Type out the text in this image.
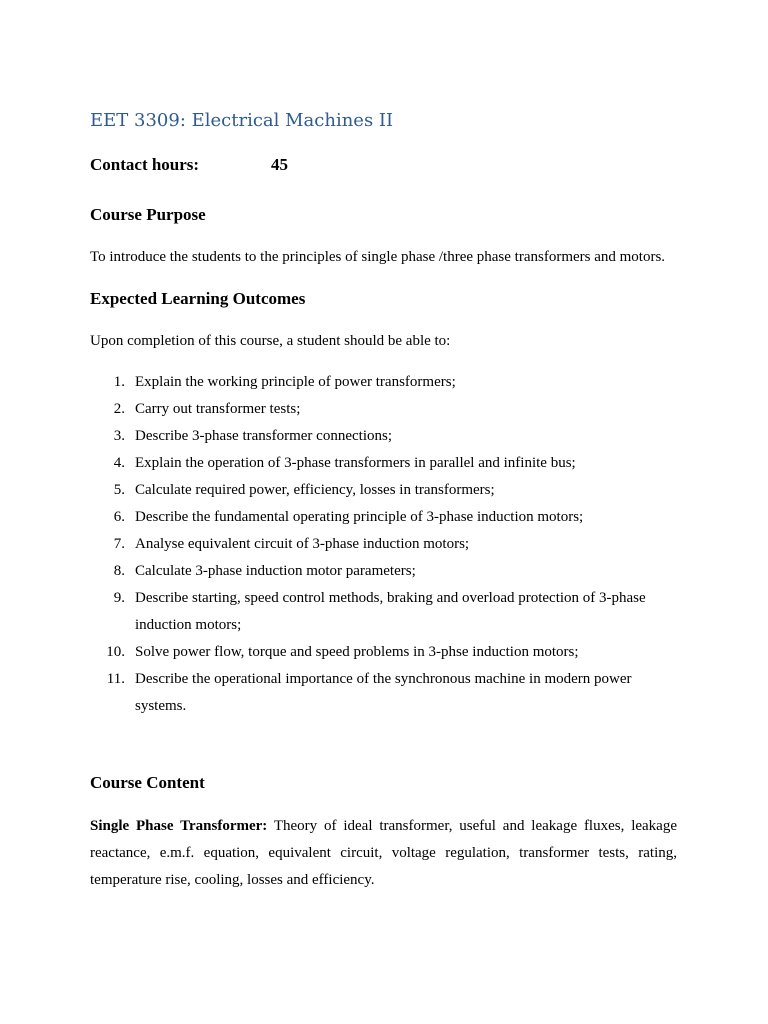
EET 3309: Electrical Machines II
Contact hours:	45
Course Purpose

To introduce the students to the principles of single phase /three phase transformers and motors.

Expected Learning Outcomes

Upon completion of this course, a student should be able to:

1. Explain the working principle of power transformers;
2. Carry out transformer tests;
3. Describe 3-phase transformer connections;
4. Explain the operation of 3-phase transformers in parallel and infinite bus;
5. Calculate required power, efficiency, losses in transformers;
6. Describe the fundamental operating principle of 3-phase induction motors;
7. Analyse equivalent circuit of 3-phase induction motors;
8. Calculate 3-phase induction motor parameters;
9. Describe starting, speed control methods, braking and overload protection of 3-phase induction motors;
10. Solve power flow, torque and speed problems in 3-phse induction motors;
11. Describe the operational importance of the synchronous machine in modern power systems.
Course Content

Single Phase Transformer: Theory of ideal transformer, useful and leakage fluxes, leakage reactance, e.m.f. equation, equivalent circuit, voltage regulation, transformer tests, rating, temperature rise, cooling, losses and efficiency.
